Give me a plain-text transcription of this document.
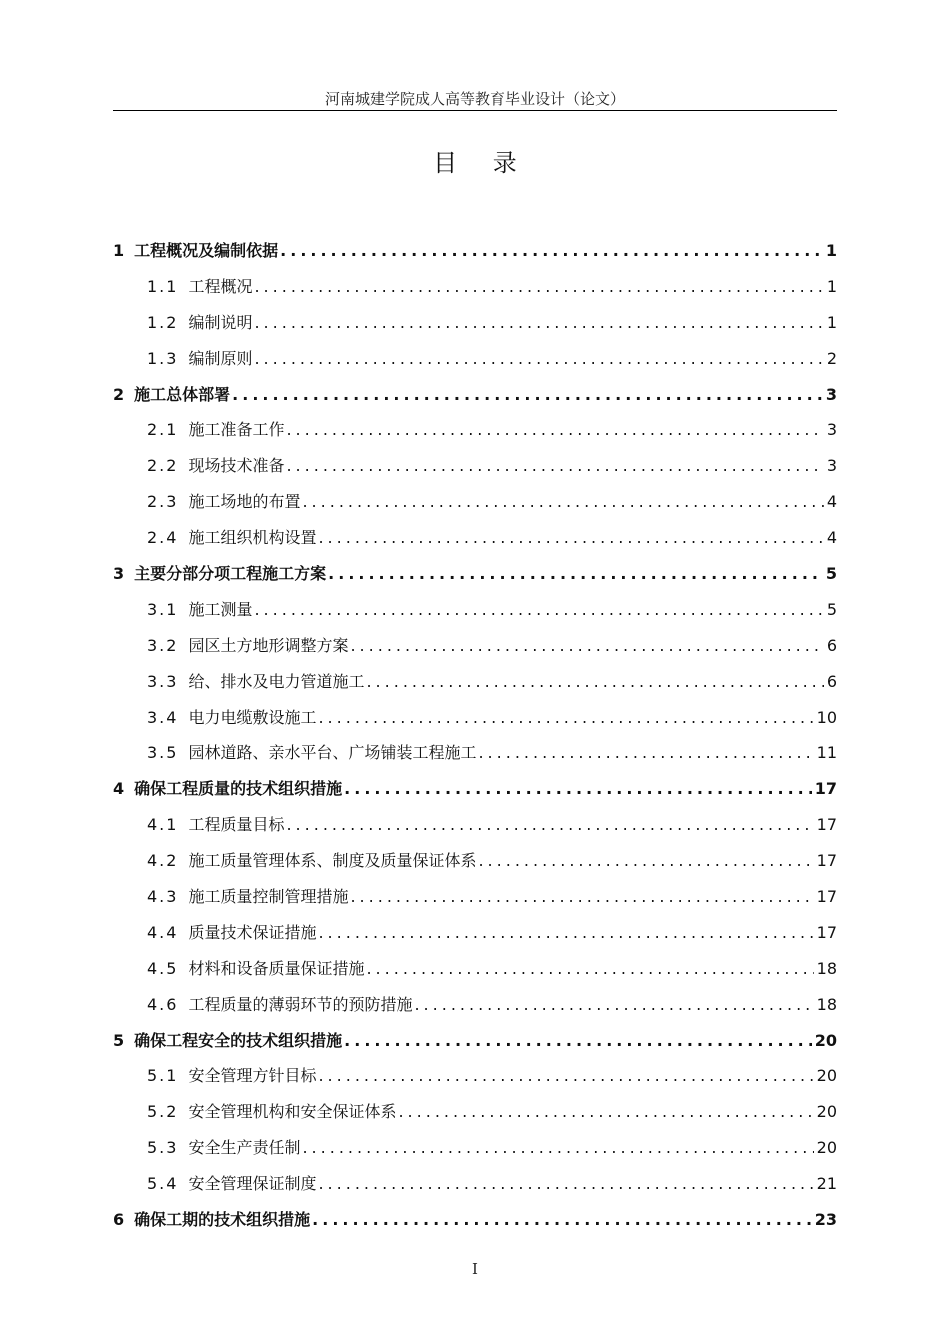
河南城建学院成人高等教育毕业设计（论文）
目 录
1 工程概况及编制依据 .....	1
1.1 工程概况 .....	1
1.2 编制说明 .....	1
1.3 编制原则 .....	2
2 施工总体部署 .....	3
2.1 施工准备工作 .....	3
2.2 现场技术准备 .....	3
2.3 施工场地的布置 .....	4
2.4 施工组织机构设置 .....	4
3 主要分部分项工程施工方案 .....	5
3.1 施工测量 .....	5
3.2 园区土方地形调整方案 .....	6
3.3 给、排水及电力管道施工 .....	6
3.4 电力电缆敷设施工 .....	10
3.5 园林道路、亲水平台、广场铺装工程施工 .....	11
4 确保工程质量的技术组织措施 .....	17
4.1 工程质量目标 .....	17
4.2 施工质量管理体系、制度及质量保证体系 .....	17
4.3 施工质量控制管理措施 .....	17
4.4 质量技术保证措施 .....	17
4.5 材料和设备质量保证措施 .....	18
4.6 工程质量的薄弱环节的预防措施 .....	18
5 确保工程安全的技术组织措施 .....	20
5.1 安全管理方针目标 .....	20
5.2 安全管理机构和安全保证体系 .....	20
5.3 安全生产责任制 .....	20
5.4 安全管理保证制度 .....	21
6 确保工期的技术组织措施 .....	23
I
